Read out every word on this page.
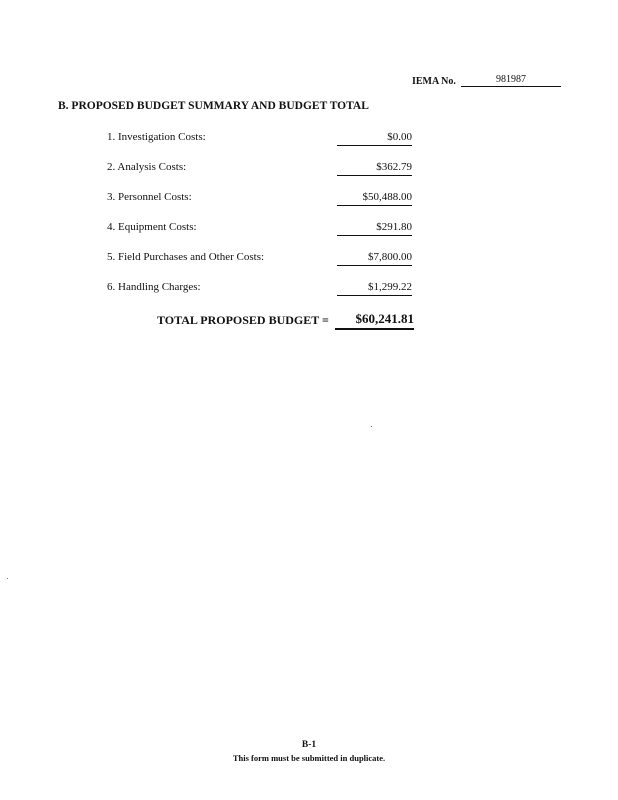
IEMA No.	981987
B. PROPOSED BUDGET SUMMARY AND BUDGET TOTAL
1. Investigation Costs:	$0.00
2. Analysis Costs:	$362.79
3. Personnel Costs:	$50,488.00
4. Equipment Costs:	$291.80
5. Field Purchases and Other Costs:	$7,800.00
6. Handling Charges:	$1,299.22
TOTAL PROPOSED BUDGET =	$60,241.81
B-1
This form must be submitted in duplicate.
